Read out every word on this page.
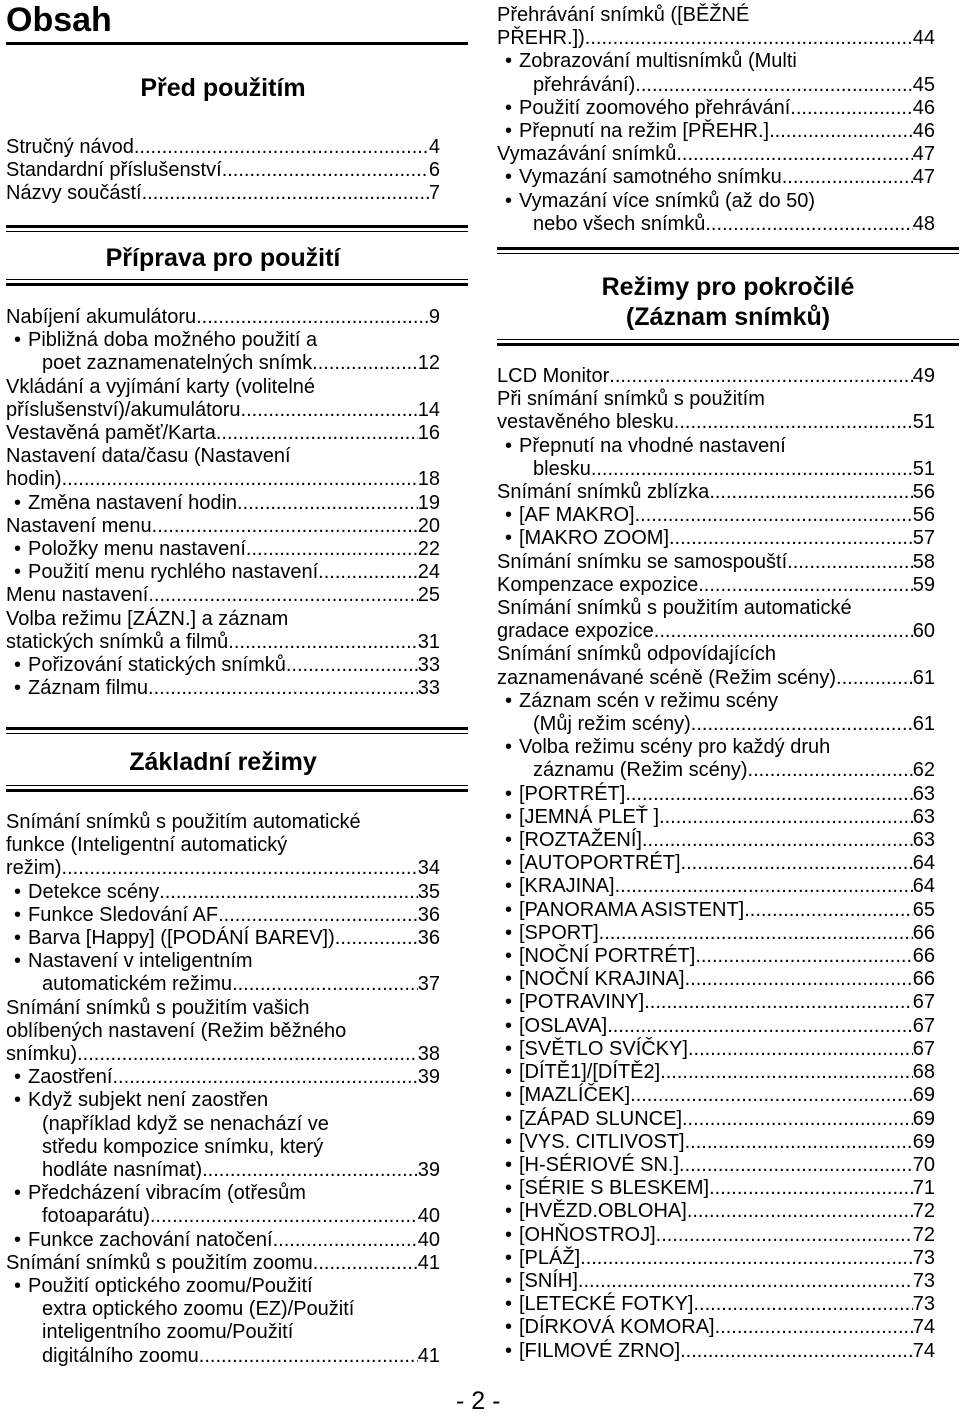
Obsah
Před použitím
Stručný návod .....	4
Standardní příslušenství .....	6
Názvy součástí .....	7
Příprava pro použití
Nabíjení akumulátoru .....	9
• Pibližná doba možného použití a
poet zaznamenatelných snímk .....	12
Vkládání a vyjímání karty (volitelné
příslušenství)/akumulátoru .....	14
Vestavěná paměť/Karta .....	16
Nastavení data/času (Nastavení
hodin) .....	18
• Změna nastavení hodin .....	19
Nastavení menu .....	20
• Položky menu nastavení .....	22
• Použití menu rychlého nastavení .....	24
Menu nastavení .....	25
Volba režimu [ZÁZN.] a záznam
statických snímků a filmů .....	31
• Pořizování statických snímků .....	33
• Záznam filmu .....	33
Základní režimy
Snímání snímků s použitím automatické
funkce (Inteligentní automatický
režim) .....	34
• Detekce scény .....	35
• Funkce Sledování AF .....	36
• Barva [Happy] ([PODÁNÍ BAREV]) .....	36
• Nastavení v inteligentním
automatickém režimu .....	37
Snímání snímků s použitím vašich
oblíbených nastavení (Režim běžného
snímku) .....	38
• Zaostření .....	39
• Když subjekt není zaostřen
(například když se nenachází ve
středu kompozice snímku, který
hodláte nasnímat) .....	39
• Předcházení vibracím (otřesům
fotoaparátu) .....	40
• Funkce zachování natočení .....	40
Snímání snímků s použitím zoomu .....	41
• Použití optického zoomu/Použití
extra optického zoomu (EZ)/Použití
inteligentního zoomu/Použití
digitálního zoomu .....	41
Přehrávání snímků ([BĚŽNÉ
PŘEHR.]) .....	44
• Zobrazování multisnímků (Multi
přehrávání) .....	45
• Použití zoomového přehrávání .....	46
• Přepnutí na režim [PŘEHR.] .....	46
Vymazávání snímků .....	47
• Vymazání samotného snímku .....	47
• Vymazání více snímků (až do 50)
nebo všech snímků .....	48
Režimy pro pokročilé
(Záznam snímků)
LCD Monitor .....	49
Při snímání snímků s použitím
vestavěného blesku .....	51
• Přepnutí na vhodné nastavení
blesku. .....	51
Snímání snímků zblízka .....	56
• [AF MAKRO] .....	56
• [MAKRO ZOOM] .....	57
Snímání snímku se samospouští .....	58
Kompenzace expozice .....	59
Snímání snímků s použitím automatické
gradace expozice .....	60
Snímání snímků odpovídajících
zaznamenávané scéně (Režim scény) .....	61
• Záznam scén v režimu scény
(Můj režim scény) .....	61
• Volba režimu scény pro každý druh
záznamu (Režim scény) .....	62
• [PORTRÉT] .....	63
• [JEMNÁ PLEŤ ] .....	63
• [ROZTAŽENÍ] .....	63
• [AUTOPORTRÉT] .....	64
• [KRAJINA] .....	64
• [PANORAMA ASISTENT] .....	65
• [SPORT] .....	66
• [NOČNÍ PORTRÉT] .....	66
• [NOČNÍ KRAJINA] .....	66
• [POTRAVINY] .....	67
• [OSLAVA] .....	67
• [SVĚTLO SVÍČKY] .....	67
• [DÍTĚ1]/[DÍTĚ2] .....	68
• [MAZLÍČEK] .....	69
• [ZÁPAD SLUNCE] .....	69
• [VYS. CITLIVOST] .....	69
• [H-SÉRIOVÉ SN.] .....	70
• [SÉRIE S BLESKEM] .....	71
• [HVĚZD.OBLOHA] .....	72
• [OHŇOSTROJ] .....	72
• [PLÁŽ] .....	73
• [SNÍH] .....	73
• [LETECKÉ FOTKY] .....	73
• [DÍRKOVÁ KOMORA] .....	74
• [FILMOVÉ ZRNO] .....	74
- 2 -
